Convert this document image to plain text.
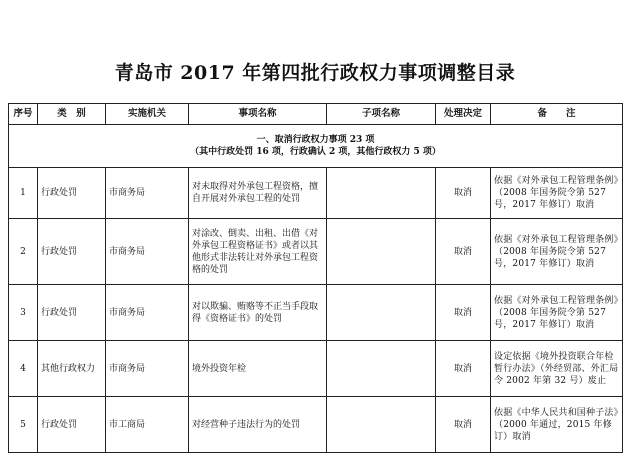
青岛市 2017 年第四批行政权力事项调整目录
序号	类　别	实施机关	事项名称	子项名称	处理决定	备　　注

一、取消行政权力事项 23 项
（其中行政处罚 16 项，行政确认 2 项，其他行政权力 5 项）						

1	行政处罚	市商务局	对未取得对外承包工程资格，擅自开展对外承包工程的处罚		取消	依据《对外承包工程管理条例》（2008 年国务院令第 527 号，2017 年修订）取消
2	行政处罚	市商务局	对涂改、倒卖、出租、出借《对外承包工程资格证书》或者以其他形式非法转让对外承包工程资格的处罚		取消	依据《对外承包工程管理条例》（2008 年国务院令第 527 号，2017 年修订）取消
3	行政处罚	市商务局	对以欺骗、贿赂等不正当手段取得《资格证书》的处罚		取消	依据《对外承包工程管理条例》（2008 年国务院令第 527 号，2017 年修订）取消
4	其他行政权力	市商务局	境外投资年检		取消	设定依据《境外投资联合年检暂行办法》（外经贸部、外汇局令 2002 年第 32 号）废止
5	行政处罚	市工商局	对经营种子违法行为的处罚		取消	依据《中华人民共和国种子法》（2000 年通过，2015 年修订）取消
